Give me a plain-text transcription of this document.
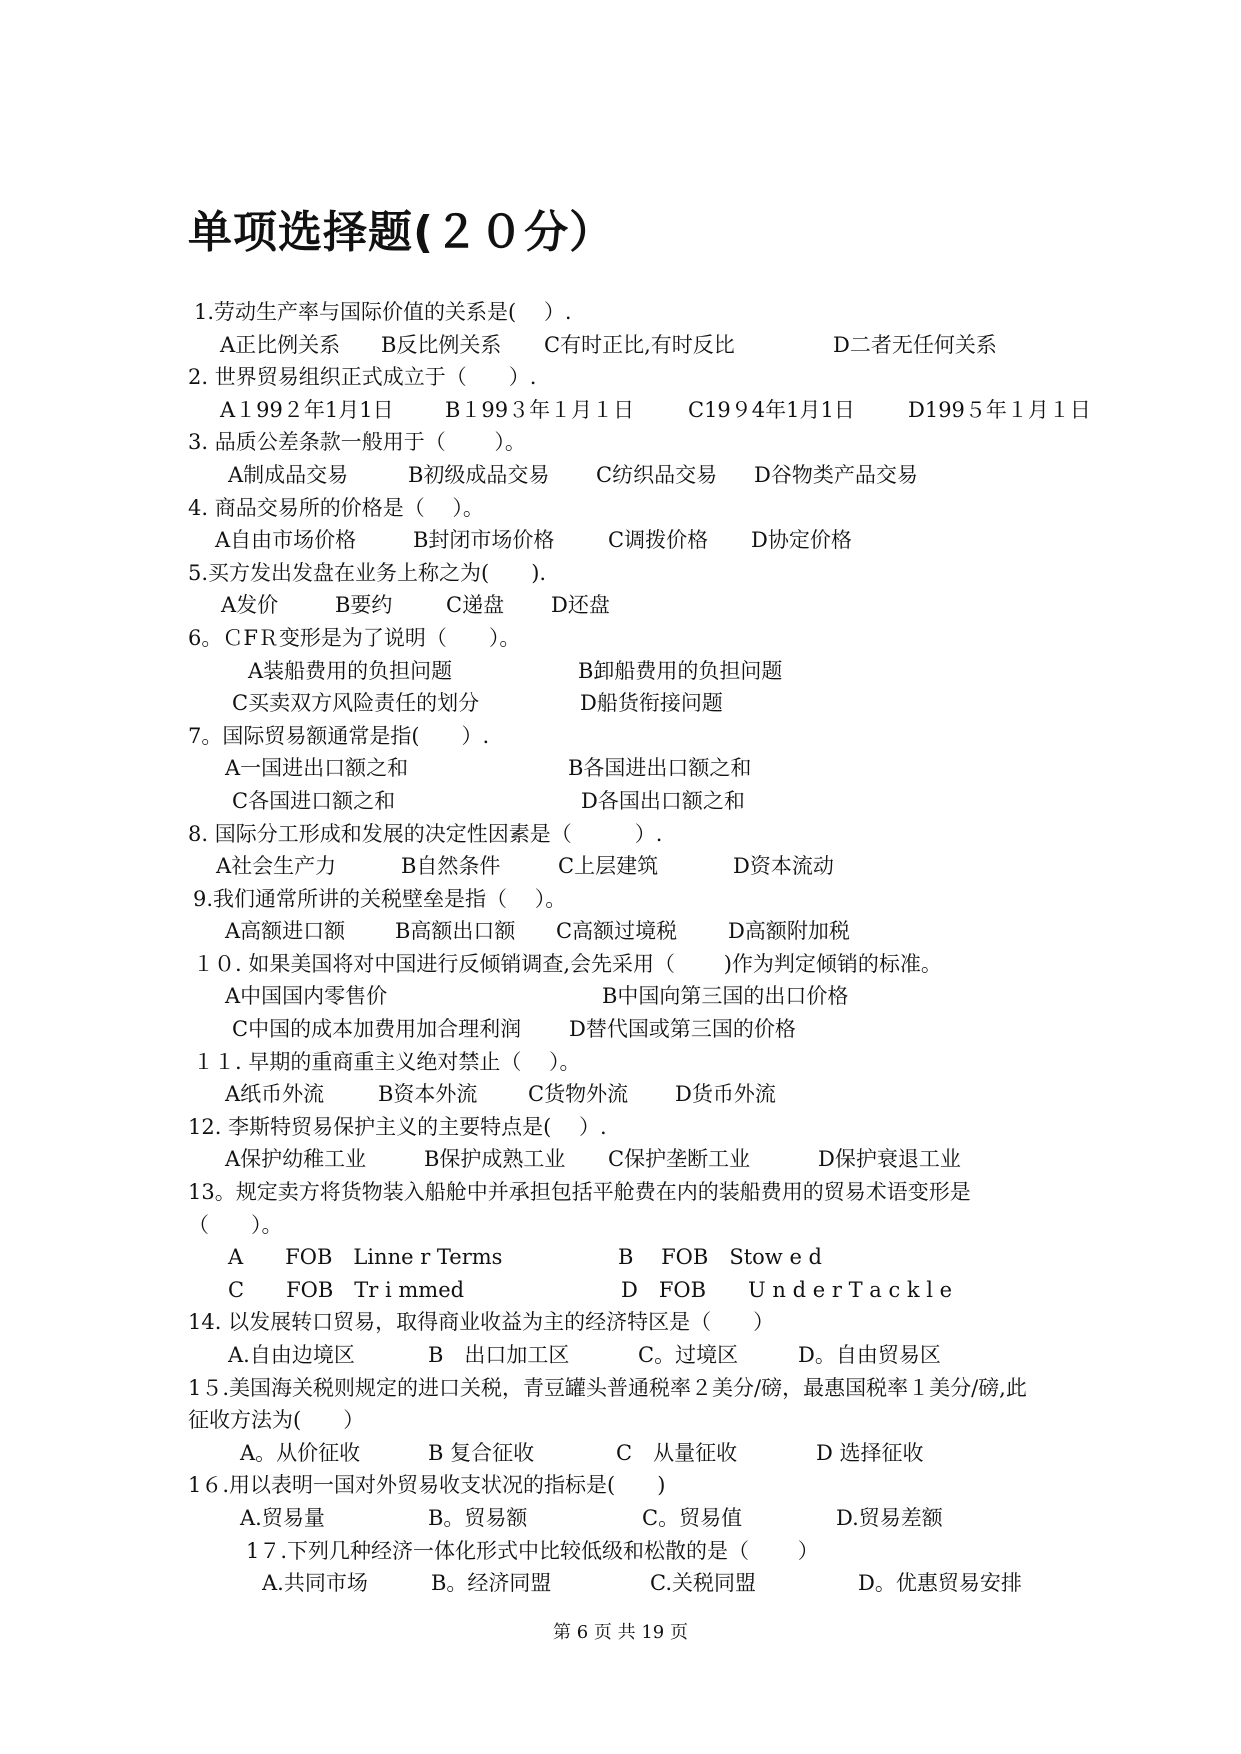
单项选择题(２０分）
1.劳动生产率与国际价值的关系是(　 ）.
A正比例关系 B反比例关系 C有时正比,有时反比	D二者无任何关系
2. 世界贸易组织正式成立于（　　）.
A１99２年1月1日 B１99３年１月１日	C19９4年1月1日	D199５年１月１日
3. 品质公差条款一般用于（　　 ）。
A制成品交易	B初级成品交易 C纺织品交易 D谷物类产品交易
4. 商品交易所的价格是（　 ）。
A自由市场价格	B封闭市场价格	C调拨价格 D协定价格
5.买方发出发盘在业务上称之为(　　).
A发价	B要约	C递盘 D还盘
6。ＣFＲ变形是为了说明（　　）。
A装船费用的负担问题	B卸船费用的负担问题
C买卖双方风险责任的划分	D船货衔接问题
7。国际贸易额通常是指(　　）.
A一国进出口额之和	B各国进出口额之和
C各国进口额之和	D各国出口额之和
8. 国际分工形成和发展的决定性因素是（　　　）.
A社会生产力	B自然条件	C上层建筑	D资本流动
9.我们通常所讲的关税壁垒是指（　 ）。
A高额进口额 B高额出口额 C高额过境税 D高额附加税
１０. 如果美国将对中国进行反倾销调查,会先采用（　　 )作为判定倾销的标准。
A中国国内零售价	B中国向第三国的出口价格
C中国的成本加费用加合理利润 D替代国或第三国的价格
１１. 早期的重商重主义绝对禁止（　 ）。
A纸币外流	B资本外流 C货物外流 D货币外流
12. 李斯特贸易保护主义的主要特点是(　 ）.
A保护幼稚工业	B保护成熟工业 C保护垄断工业	D保护衰退工业
13。规定卖方将货物装入船舱中并承担包括平舱费在内的装船费用的贸易术语变形是
（　　）。
A　　FOB　Linne r Terms	B　 FOB　Stow e d
C　　FOB　Tr i mmed	D　FOB　　U n d e r T a c k l e
14. 以发展转口贸易，取得商业收益为主的经济特区是（　　）
A.自由边境区	B　出口加工区	C。过境区	D。自由贸易区
1５.美国海关税则规定的进口关税，青豆罐头普通税率２美分/磅，最惠国税率１美分/磅,此
征收方法为(　　）
A。从价征收	B 复合征收	C　从量征收	D 选择征收
1６.用以表明一国对外贸易收支状况的指标是(　　)
A.贸易量	B。贸易额	C。贸易值	D.贸易差额
1７.下列几种经济一体化形式中比较低级和松散的是（　　 ）
A.共同市场	B。经济同盟	C.关税同盟	D。优惠贸易安排
第 6 页 共 19 页
